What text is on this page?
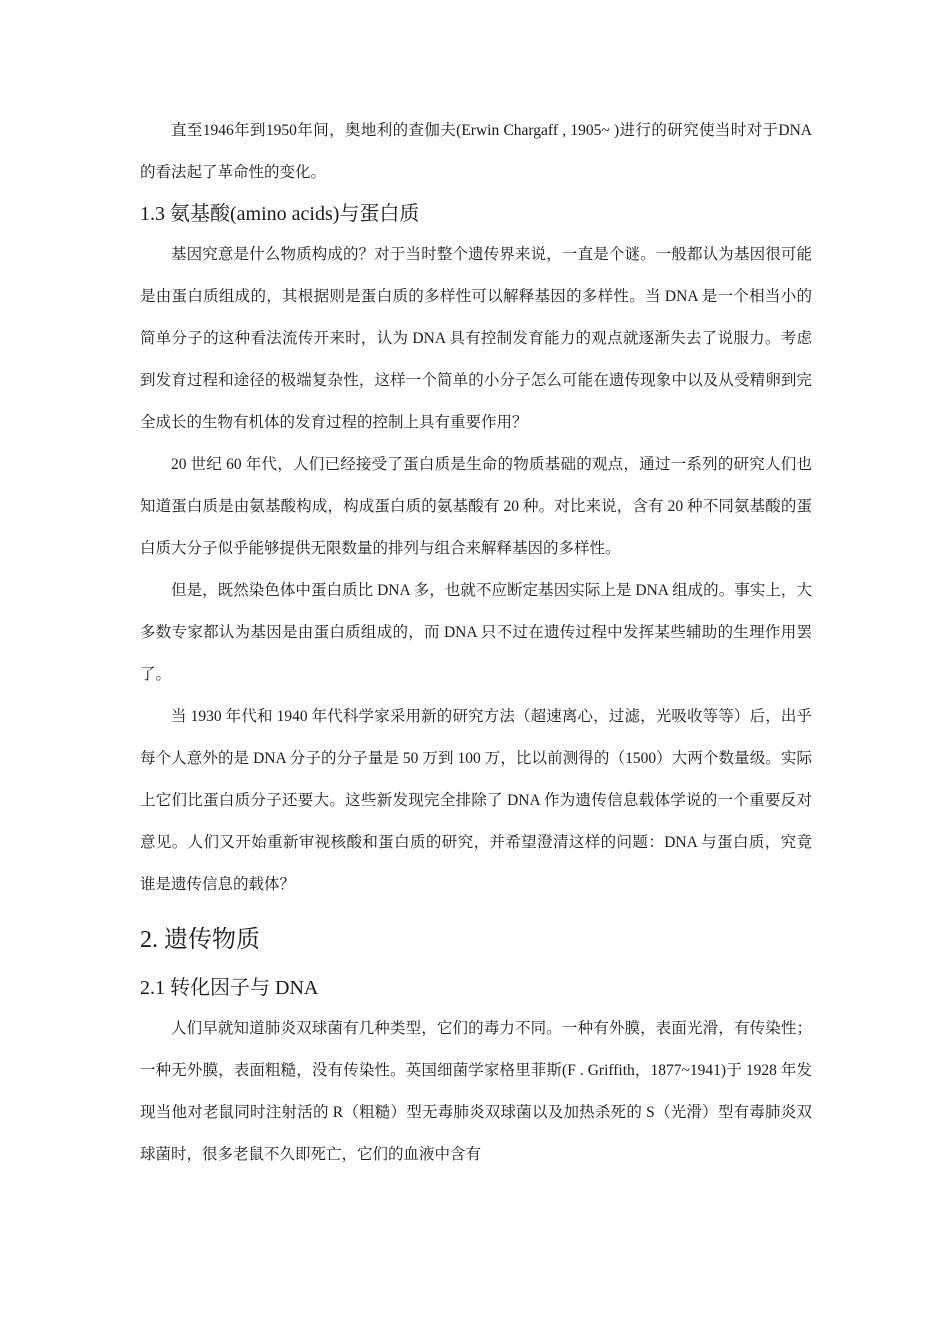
直至1946年到1950年间，奥地利的查伽夫(Erwin Chargaff , 1905~ )进行的研究使当时对于DNA的看法起了革命性的变化。

1.3 氨基酸(amino acids)与蛋白质

基因究意是什么物质构成的？对于当时整个遗传界来说，一直是个谜。一般都认为基因很可能是由蛋白质组成的，其根据则是蛋白质的多样性可以解释基因的多样性。当 DNA 是一个相当小的简单分子的这种看法流传开来时，认为 DNA 具有控制发育能力的观点就逐渐失去了说服力。考虑到发育过程和途径的极端复杂性，这样一个简单的小分子怎么可能在遗传现象中以及从受精卵到完全成长的生物有机体的发育过程的控制上具有重要作用？

20 世纪 60 年代，人们已经接受了蛋白质是生命的物质基础的观点，通过一系列的研究人们也知道蛋白质是由氨基酸构成，构成蛋白质的氨基酸有 20 种。对比来说，含有 20 种不同氨基酸的蛋白质大分子似乎能够提供无限数量的排列与组合来解释基因的多样性。

但是，既然染色体中蛋白质比 DNA 多，也就不应断定基因实际上是 DNA 组成的。事实上，大多数专家都认为基因是由蛋白质组成的，而 DNA 只不过在遗传过程中发挥某些辅助的生理作用罢了。

当 1930 年代和 1940 年代科学家采用新的研究方法（超速离心，过滤，光吸收等等）后，出乎每个人意外的是 DNA 分子的分子量是 50 万到 100 万，比以前测得的（1500）大两个数量级。实际上它们比蛋白质分子还要大。这些新发现完全排除了 DNA 作为遗传信息载体学说的一个重要反对意见。人们又开始重新审视核酸和蛋白质的研究，并希望澄清这样的问题：DNA 与蛋白质，究竟谁是遗传信息的载体？

2. 遗传物质
2.1 转化因子与 DNA

人们早就知道肺炎双球菌有几种类型，它们的毒力不同。一种有外膜，表面光滑，有传染性；一种无外膜，表面粗糙，没有传染性。英国细菌学家格里菲斯(F . Griffith，1877~1941)于 1928 年发现当他对老鼠同时注射活的 R（粗糙）型无毒肺炎双球菌以及加热杀死的 S（光滑）型有毒肺炎双球菌时，很多老鼠不久即死亡，它们的血液中含有
